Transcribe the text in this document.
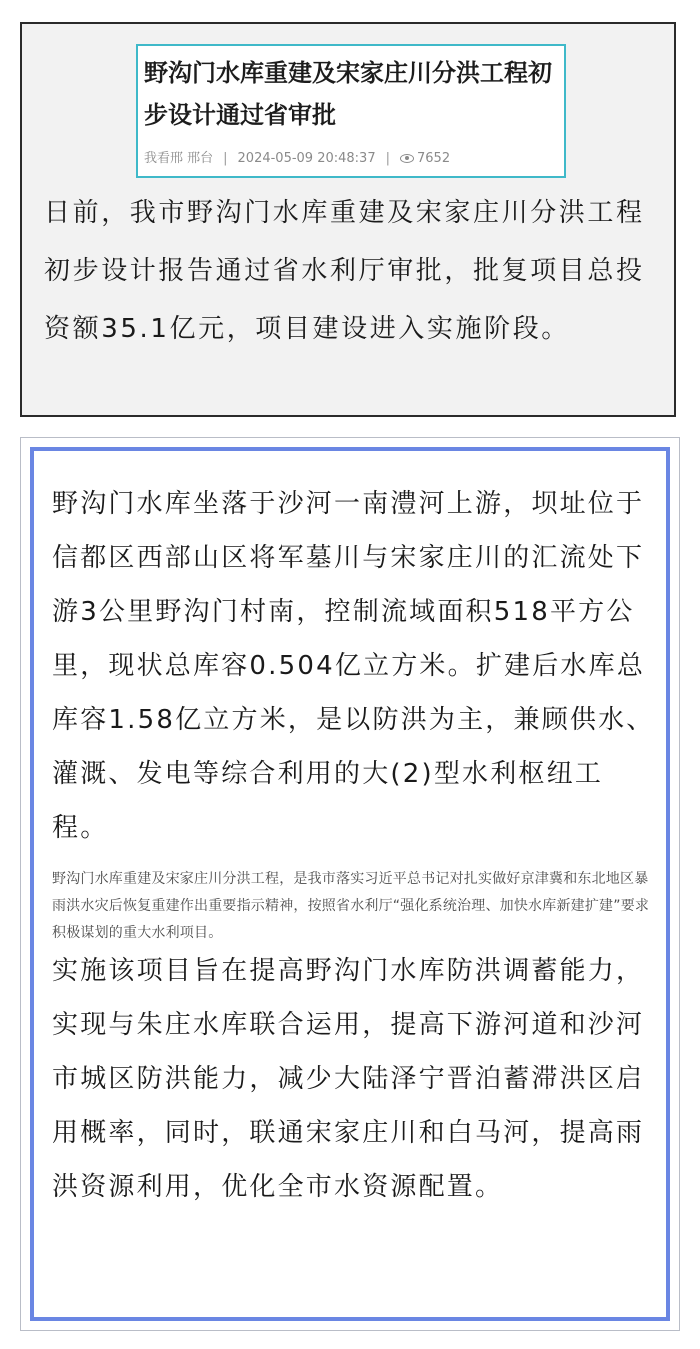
野沟门水库重建及宋家庄川分洪工程初步设计通过省审批
我看邢 邢台 | 2024-05-09 20:48:37 | 7652

日前，我市野沟门水库重建及宋家庄川分洪工程初步设计报告通过省水利厅审批，批复项目总投资额35.1亿元，项目建设进入实施阶段。

野沟门水库坐落于沙河一南澧河上游，坝址位于信都区西部山区将军墓川与宋家庄川的汇流处下游3公里野沟门村南，控制流域面积518平方公里，现状总库容0.504亿立方米。扩建后水库总库容1.58亿立方米，是以防洪为主，兼顾供水、灌溉、发电等综合利用的大(2)型水利枢纽工程。

野沟门水库重建及宋家庄川分洪工程，是我市落实习近平总书记对扎实做好京津冀和东北地区暴雨洪水灾后恢复重建作出重要指示精神，按照省水利厅“强化系统治理、加快水库新建扩建”要求积极谋划的重大水利项目。

实施该项目旨在提高野沟门水库防洪调蓄能力，实现与朱庄水库联合运用，提高下游河道和沙河市城区防洪能力，减少大陆泽宁晋泊蓄滞洪区启用概率，同时，联通宋家庄川和白马河，提高雨洪资源利用，优化全市水资源配置。
